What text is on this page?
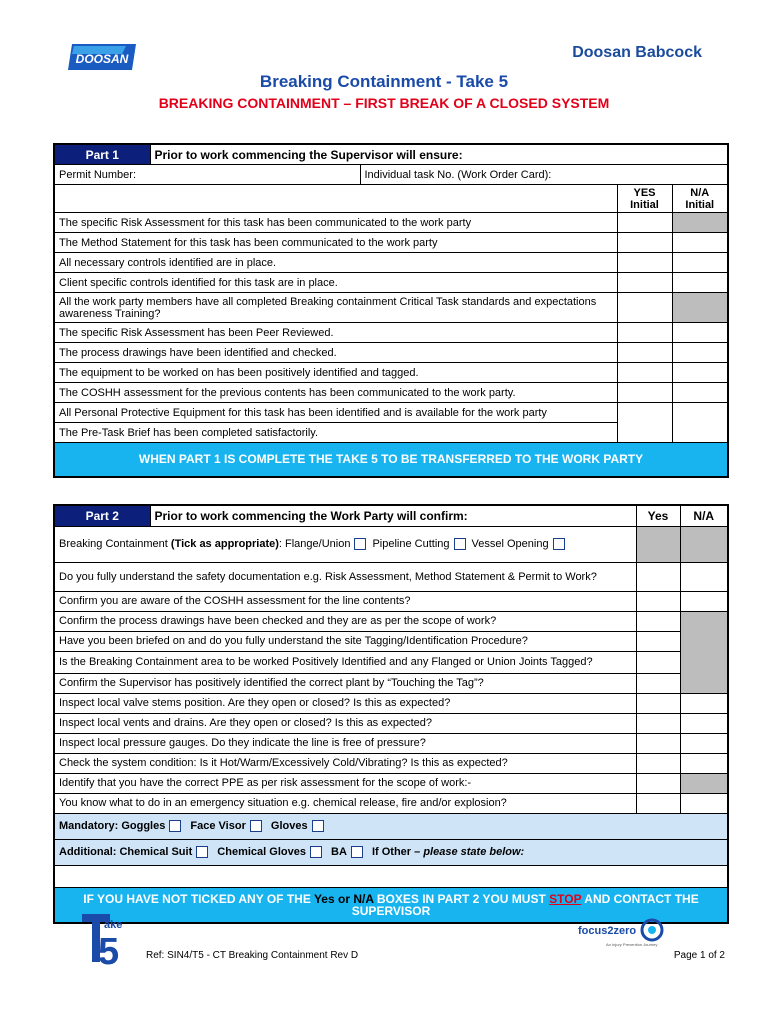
DOOSAN	Doosan Babcock
Breaking Containment - Take 5
BREAKING CONTAINMENT – FIRST BREAK OF A CLOSED SYSTEM
Part 1	Prior to work commencing the Supervisor will ensure:			
Permit Number:		Individual task No. (Work Order Card):		
			YES Initial	N/A Initial
The specific Risk Assessment for this task has been communicated to the work party				
The Method Statement for this task has been communicated to the work party				
All necessary controls identified are in place.				
Client specific controls identified for this task are in place.				
All the work party members have all completed Breaking containment Critical Task standards and expectations awareness Training?				
The specific Risk Assessment has been Peer Reviewed.				
The process drawings have been identified and checked.				
The equipment to be worked on has been positively identified and tagged.				
The COSHH assessment for the previous contents has been communicated to the work party.				
All Personal Protective Equipment for this task has been identified and is available for the work party				
The Pre-Task Brief has been completed satisfactorily.				
WHEN PART 1 IS COMPLETE THE TAKE 5 TO BE TRANSFERRED TO THE WORK PARTY				
Part 2	Prior to work commencing the Work Party will confirm:	Yes	N/A
Breaking Containment (Tick as appropriate): Flange/Union Pipeline Cutting Vessel Opening			
Do you fully understand the safety documentation e.g. Risk Assessment, Method Statement & Permit to Work?			
Confirm you are aware of the COSHH assessment for the line contents?			
Confirm the process drawings have been checked and they are as per the scope of work?			
Have you been briefed on and do you fully understand the site Tagging/Identification Procedure?			
Is the Breaking Containment area to be worked Positively Identified and any Flanged or Union Joints Tagged?			
Confirm the Supervisor has positively identified the correct plant by “Touching the Tag”?			
Inspect local valve stems position. Are they open or closed? Is this as expected?			
Inspect local vents and drains. Are they open or closed? Is this as expected?			
Inspect local pressure gauges. Do they indicate the line is free of pressure?			
Check the system condition: Is it Hot/Warm/Excessively Cold/Vibrating? Is this as expected?			
Identify that you have the correct PPE as per risk assessment for the scope of work:-			
You know what to do in an emergency situation e.g. chemical release, fire and/or explosion?			
Mandatory: Goggles Face Visor Gloves			
Additional: Chemical Suit Chemical Gloves BA If Other – please state below:			

IF YOU HAVE NOT TICKED ANY OF THE Yes or N/A BOXES IN PART 2 YOU MUST STOP AND CONTACT THE SUPERVISOR			
ake
5	Ref: SIN4/T5 - CT Breaking Containment Rev D
focus2zero
An Injury Prevention Journey
Page 1 of 2
